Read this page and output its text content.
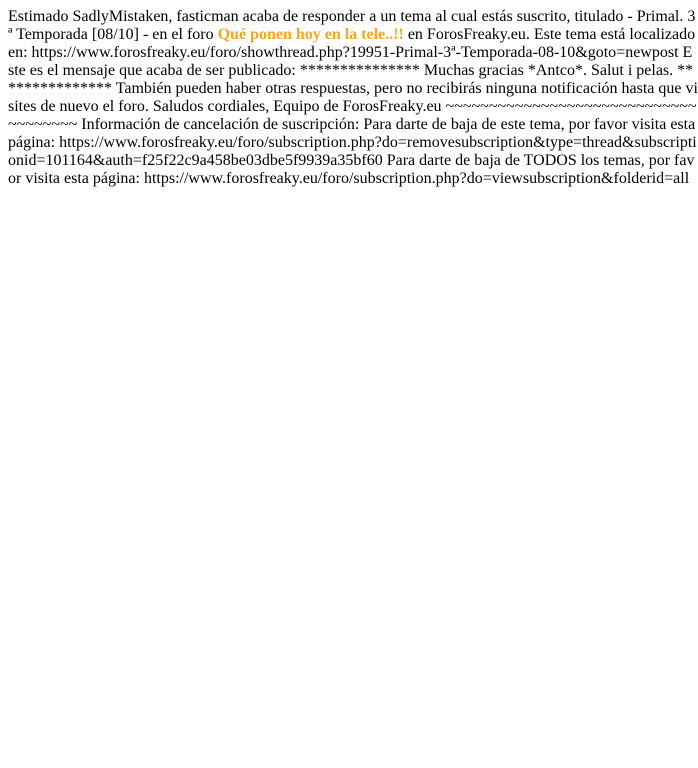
Estimado SadlyMistaken, fasticman acaba de responder a un tema al cual estás suscrito, titulado - Primal. 3ª Temporada [08/10] - en el foro Qué ponen hoy en la tele..!! en ForosFreaky.eu. Este tema está localizado en: https://www.forosfreaky.eu/foro/showthread.php?19951-Primal-3ª-Temporada-08-10&goto=newpost Este es el mensaje que acaba de ser publicado: *************** Muchas gracias *Antco*. Salut i pelas. *************** También pueden haber otras respuestas, pero no recibirás ninguna notificación hasta que visites de nuevo el foro. Saludos cordiales, Equipo de ForosFreaky.eu ~~~~~~~~~~~~~~~~~~~~~~~~~~~~~~~~~~~~~ Información de cancelación de suscripción: Para darte de baja de este tema, por favor visita esta página: https://www.forosfreaky.eu/foro/subscription.php?do=removesubscription&type=thread&subscriptionid=101164&auth=f25f22c9a458be03dbe5f9939a35bf60 Para darte de baja de TODOS los temas, por favor visita esta página: https://www.forosfreaky.eu/foro/subscription.php?do=viewsubscription&folderid=all
